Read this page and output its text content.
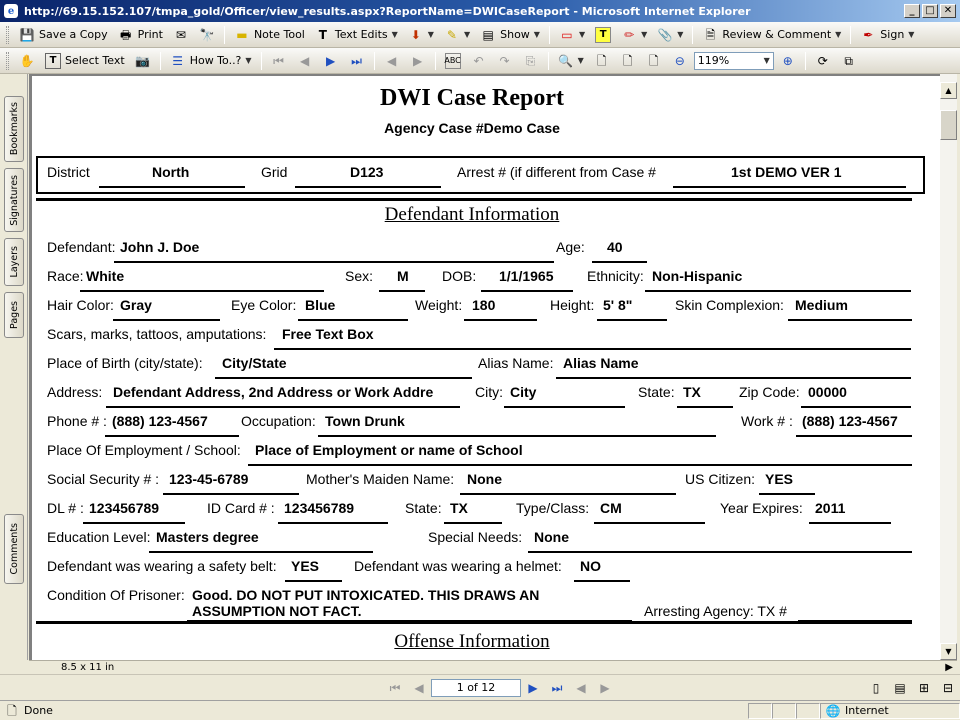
e http://69.15.152.107/tmpa_gold/Officer/view_results.aspx?ReportName=DWICaseReport - Microsoft Internet Explorer	_	□ ✕
💾 Save a Copy 🖶 Print ✉ 🔭 ▬ Note Tool	T Text Edits ▼ ⬇ ▼ ✎ ▼ ▤ Show ▼ ▭ ▼	T	✏ ▼ 📎 ▼ 🗎 Review & Comment ▼ ✒ Sign ▼
✋	T Select Text 📷 ☰ How To..? ▼ ⏮ ◀ ▶ ⏭ ◀ ▶	ABC ↶ ↷ ⎘ 🔍 ▼ 🗋 🗋 🗋 ⊖ 119%	▼ ⊕ ⟳	⧉
Bookmarks
Signatures
Layers
Pages
Comments
DWI Case Report
Agency Case #Demo Case
District	North	Grid	D123	Arrest # (if different from Case #	1st DEMO VER 1
Defendant Information
Offense Information
Defendant: John J. Doe	Age: 40
Race: White	Sex: M DOB: 1/1/1965 Ethnicity: Non-Hispanic
Hair Color: Gray	Eye Color: Blue	Weight: 180	Height: 5' 8"	Skin Complexion: Medium
Scars, marks, tattoos, amputations: Free Text Box
Place of Birth (city/state): City/State	Alias Name: Alias Name
Address: Defendant Address, 2nd Address or Work Addre	City: City	State: TX	Zip Code: 00000
Phone # : (888) 123-4567 Occupation: Town Drunk	Work # : (888) 123-4567
Place Of Employment / School: Place of Employment or name of School
Social Security # : 123-45-6789	Mother's Maiden Name: None	US Citizen: YES
DL # : 123456789	ID Card # : 123456789	State: TX	Type/Class: CM	Year Expires: 2011
Education Level: Masters degree	Special Needs: None
Defendant was wearing a safety belt: YES Defendant was wearing a helmet: NO
Condition Of Prisoner: Good. DO NOT PUT INTOXICATED. THIS DRAWS AN
ASSUMPTION NOT FACT.	Arresting Agency: TX #
▲
▼
8.5 x 11 in	▶
⏮ ◀	1 of 12	▶ ⏭ ◀ ▶	▯	▤ ⊞ ⊟
🗋 Done	🌐 Internet
